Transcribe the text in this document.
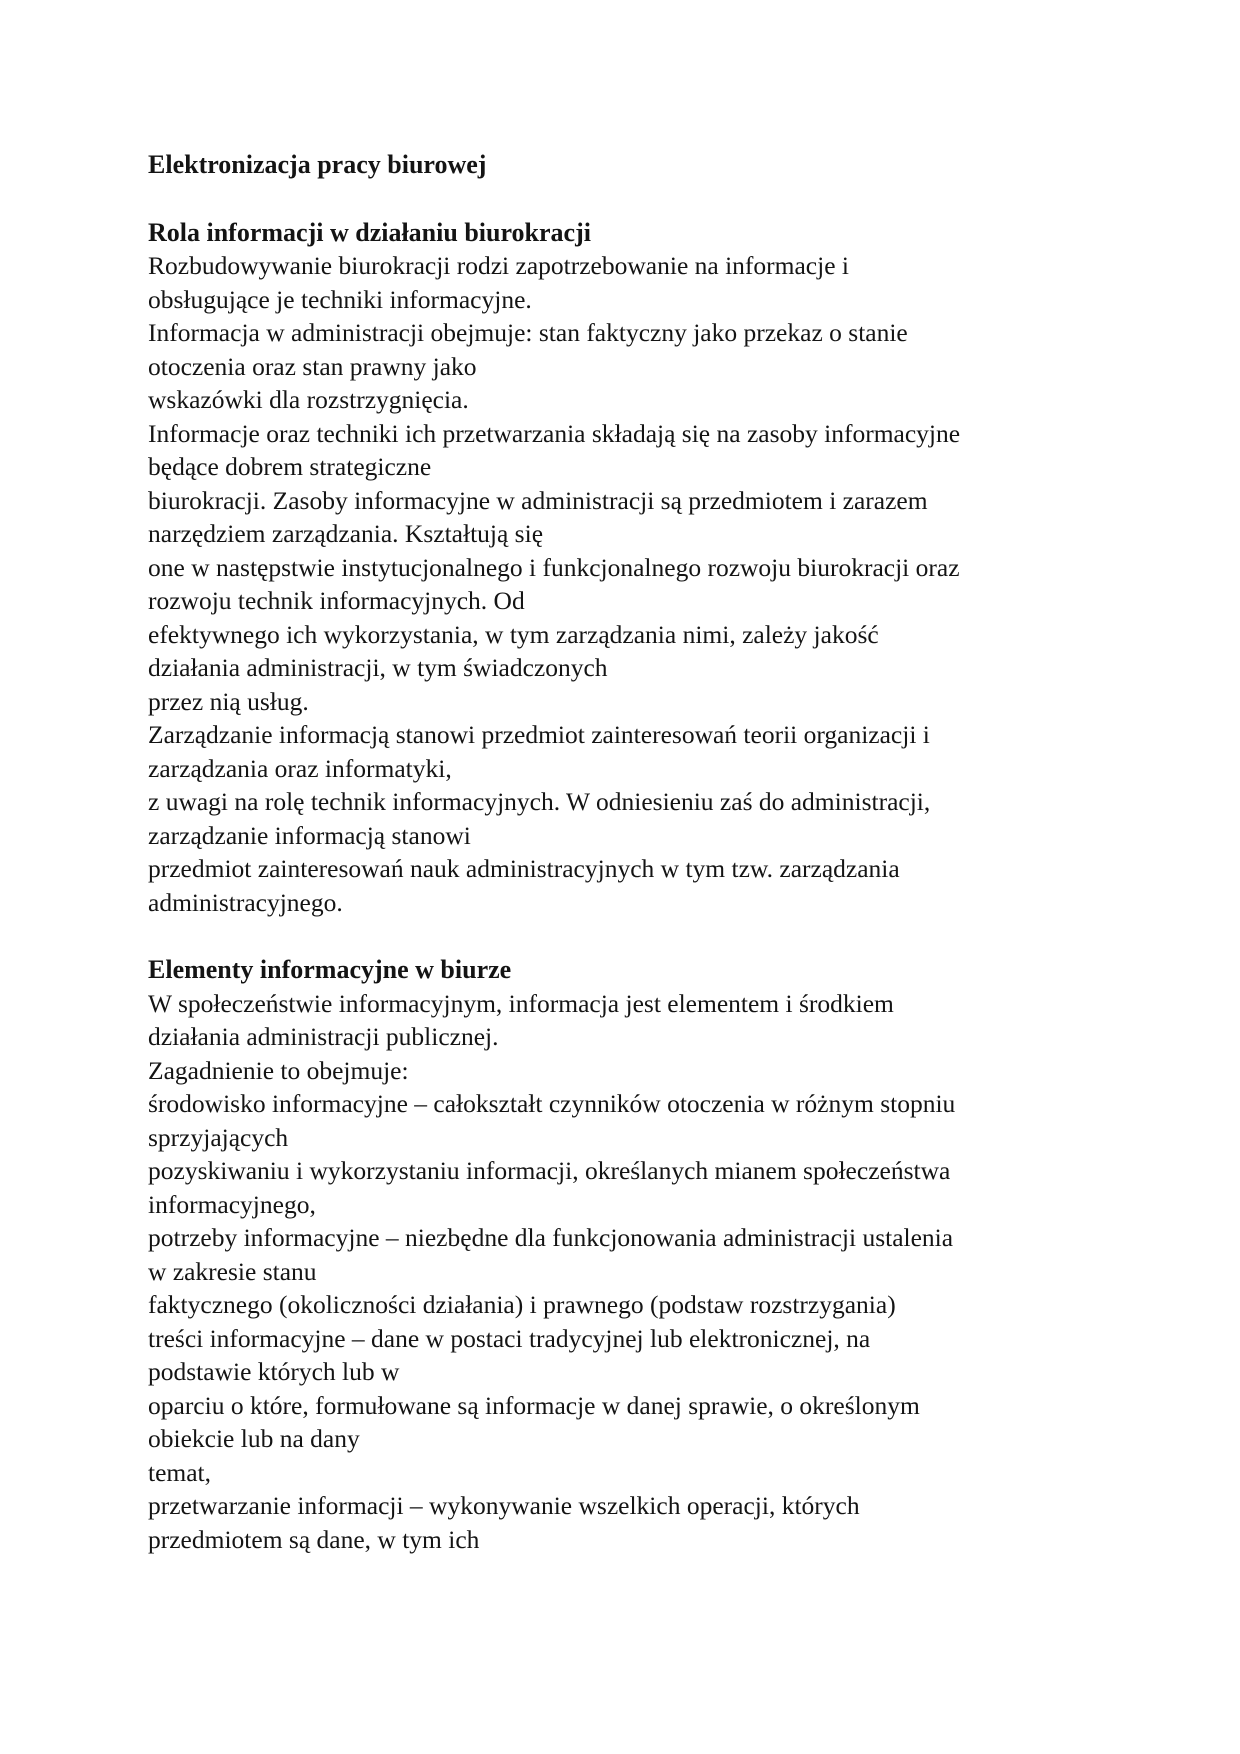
Elektronizacja pracy biurowej
Rola informacji w działaniu biurokracji
Rozbudowywanie biurokracji rodzi zapotrzebowanie na informacje i
obsługujące je techniki informacyjne.
Informacja w administracji obejmuje: stan faktyczny jako przekaz o stanie
otoczenia oraz stan prawny jako
wskazówki dla rozstrzygnięcia.
Informacje oraz techniki ich przetwarzania składają się na zasoby informacyjne
będące dobrem strategiczne
biurokracji. Zasoby informacyjne w administracji są przedmiotem i zarazem
narzędziem zarządzania. Kształtują się
one w następstwie instytucjonalnego i funkcjonalnego rozwoju biurokracji oraz
rozwoju technik informacyjnych. Od
efektywnego ich wykorzystania, w tym zarządzania nimi, zależy jakość
działania administracji, w tym świadczonych
przez nią usług.
Zarządzanie informacją stanowi przedmiot zainteresowań teorii organizacji i
zarządzania oraz informatyki,
z uwagi na rolę technik informacyjnych. W odniesieniu zaś do administracji,
zarządzanie informacją stanowi
przedmiot zainteresowań nauk administracyjnych w tym tzw. zarządzania
administracyjnego.
Elementy informacyjne w biurze
W społeczeństwie informacyjnym, informacja jest elementem i środkiem
działania administracji publicznej.
Zagadnienie to obejmuje:
środowisko informacyjne – całokształt czynników otoczenia w różnym stopniu
sprzyjających
pozyskiwaniu i wykorzystaniu informacji, określanych mianem społeczeństwa
informacyjnego,
potrzeby informacyjne – niezbędne dla funkcjonowania administracji ustalenia
w zakresie stanu
faktycznego (okoliczności działania) i prawnego (podstaw rozstrzygania)
treści informacyjne – dane w postaci tradycyjnej lub elektronicznej, na
podstawie których lub w
oparciu o które, formułowane są informacje w danej sprawie, o określonym
obiekcie lub na dany
temat,
przetwarzanie informacji – wykonywanie wszelkich operacji, których
przedmiotem są dane, w tym ich
